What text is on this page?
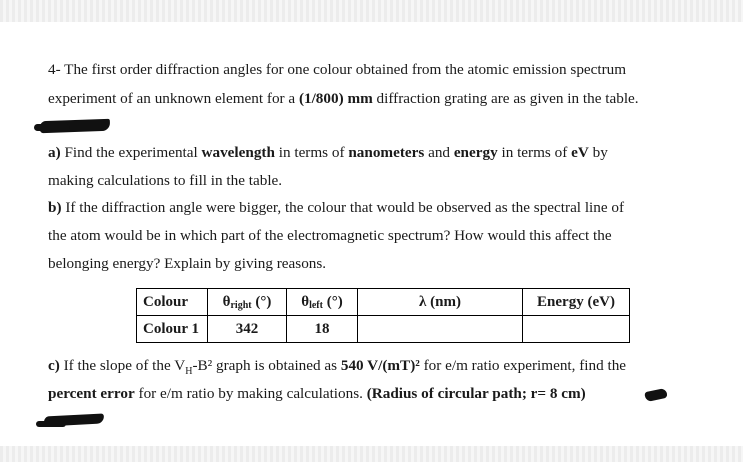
4- The first order diffraction angles for one colour obtained from the atomic emission spectrum
experiment of an unknown element for a (1/800) mm diffraction grating are as given in the table.
a) Find the experimental wavelength in terms of nanometers and energy in terms of eV by
making calculations to fill in the table.
b) If the diffraction angle were bigger, the colour that would be observed as the spectral line of
the atom would be in which part of the electromagnetic spectrum? How would this affect the
belonging energy? Explain by giving reasons.
Colour	$\theta_{right}$ (°)	$\theta_{left}$ (°)	λ (nm)	Energy (eV)
Colour 1	342	18		
c) If the slope of the $V_H-B^2$ graph is obtained as 540 V/(mT)² for e/m ratio experiment, find the
percent error for e/m ratio by making calculations. (Radius of circular path; r= 8 cm)
